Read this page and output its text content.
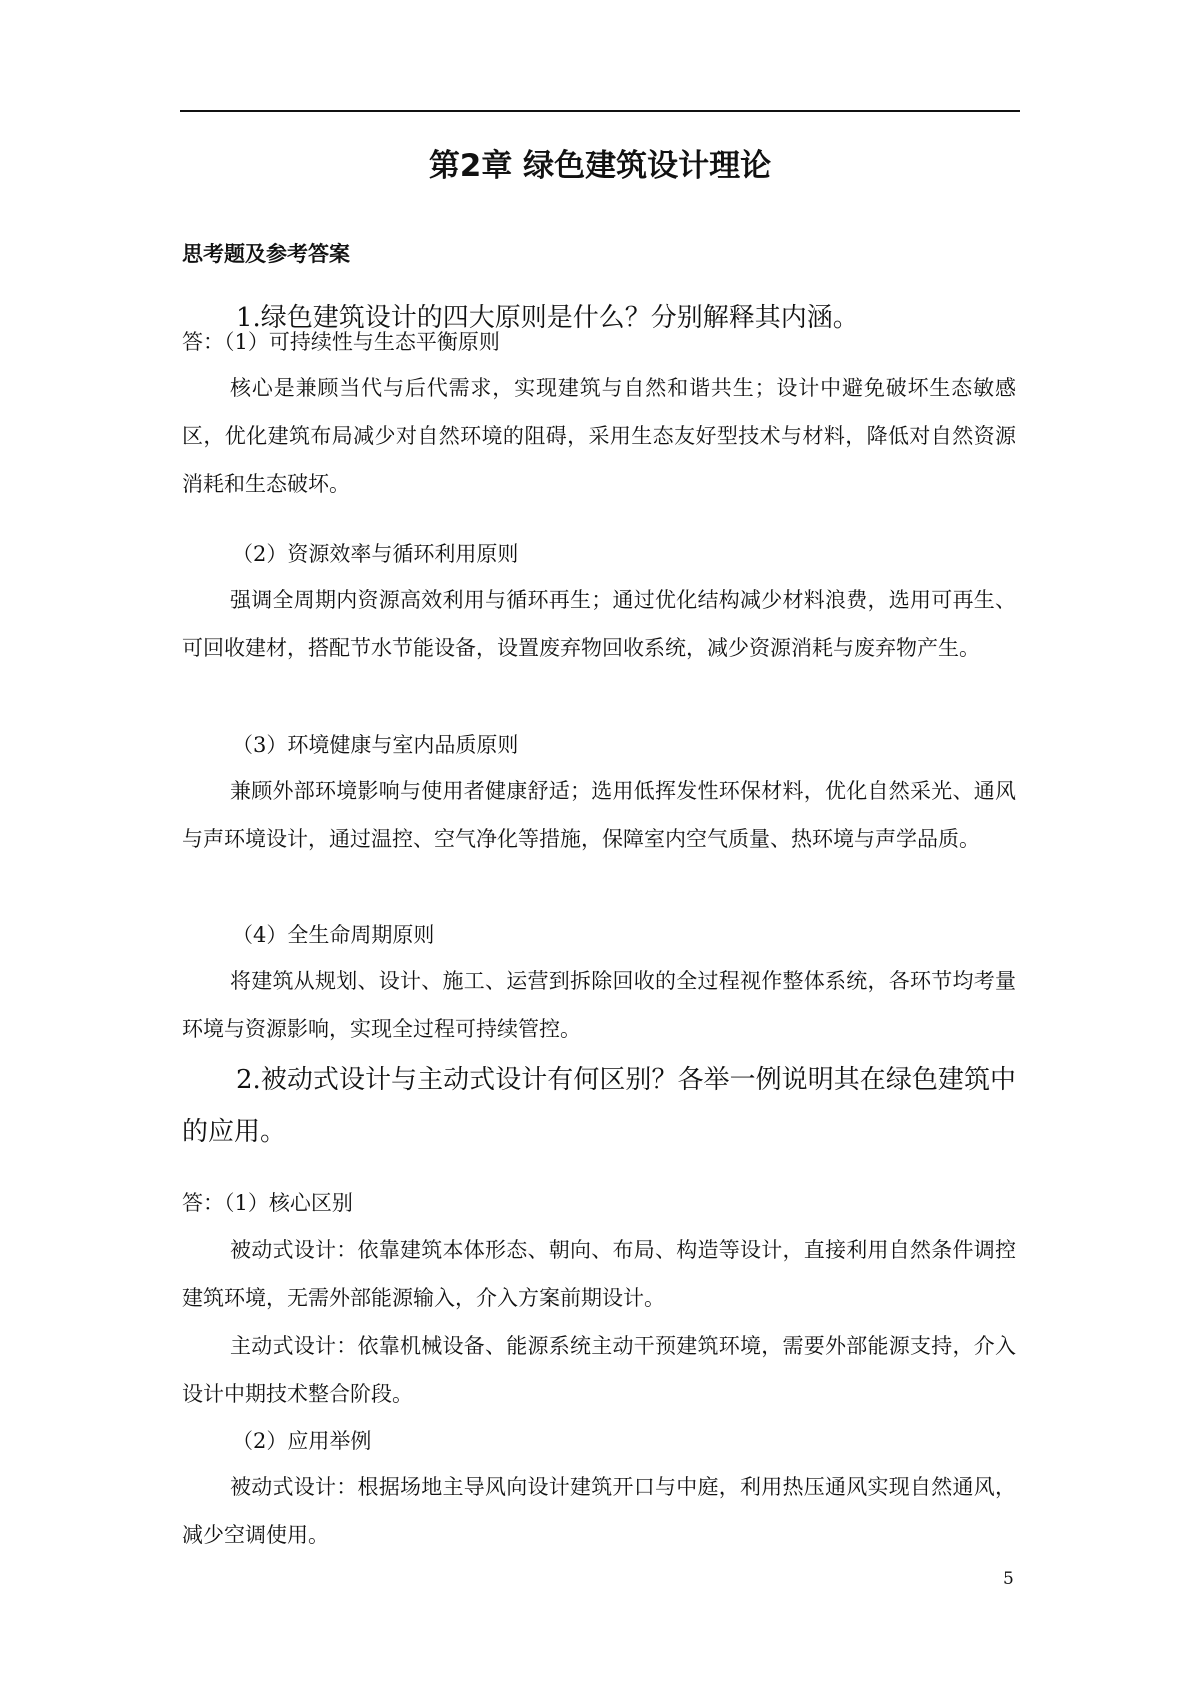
第2章 绿色建筑设计理论
思考题及参考答案

1.绿色建筑设计的四大原则是什么？分别解释其内涵。

答：（1）可持续性与生态平衡原则

核心是兼顾当代与后代需求，实现建筑与自然和谐共生；设计中避免破坏生态敏感区，优化建筑布局减少对自然环境的阻碍，采用生态友好型技术与材料，降低对自然资源消耗和生态破坏。

（2）资源效率与循环利用原则

强调全周期内资源高效利用与循环再生；通过优化结构减少材料浪费，选用可再生、可回收建材，搭配节水节能设备，设置废弃物回收系统，减少资源消耗与废弃物产生。

（3）环境健康与室内品质原则

兼顾外部环境影响与使用者健康舒适；选用低挥发性环保材料，优化自然采光、通风与声环境设计，通过温控、空气净化等措施，保障室内空气质量、热环境与声学品质。

（4）全生命周期原则

将建筑从规划、设计、施工、运营到拆除回收的全过程视作整体系统，各环节均考量环境与资源影响，实现全过程可持续管控。

2.被动式设计与主动式设计有何区别？各举一例说明其在绿色建筑中的应用。

答：（1）核心区别

被动式设计：依靠建筑本体形态、朝向、布局、构造等设计，直接利用自然条件调控建筑环境，无需外部能源输入，介入方案前期设计。

主动式设计：依靠机械设备、能源系统主动干预建筑环境，需要外部能源支持，介入设计中期技术整合阶段。

（2）应用举例

被动式设计：根据场地主导风向设计建筑开口与中庭，利用热压通风实现自然通风，减少空调使用。

5
